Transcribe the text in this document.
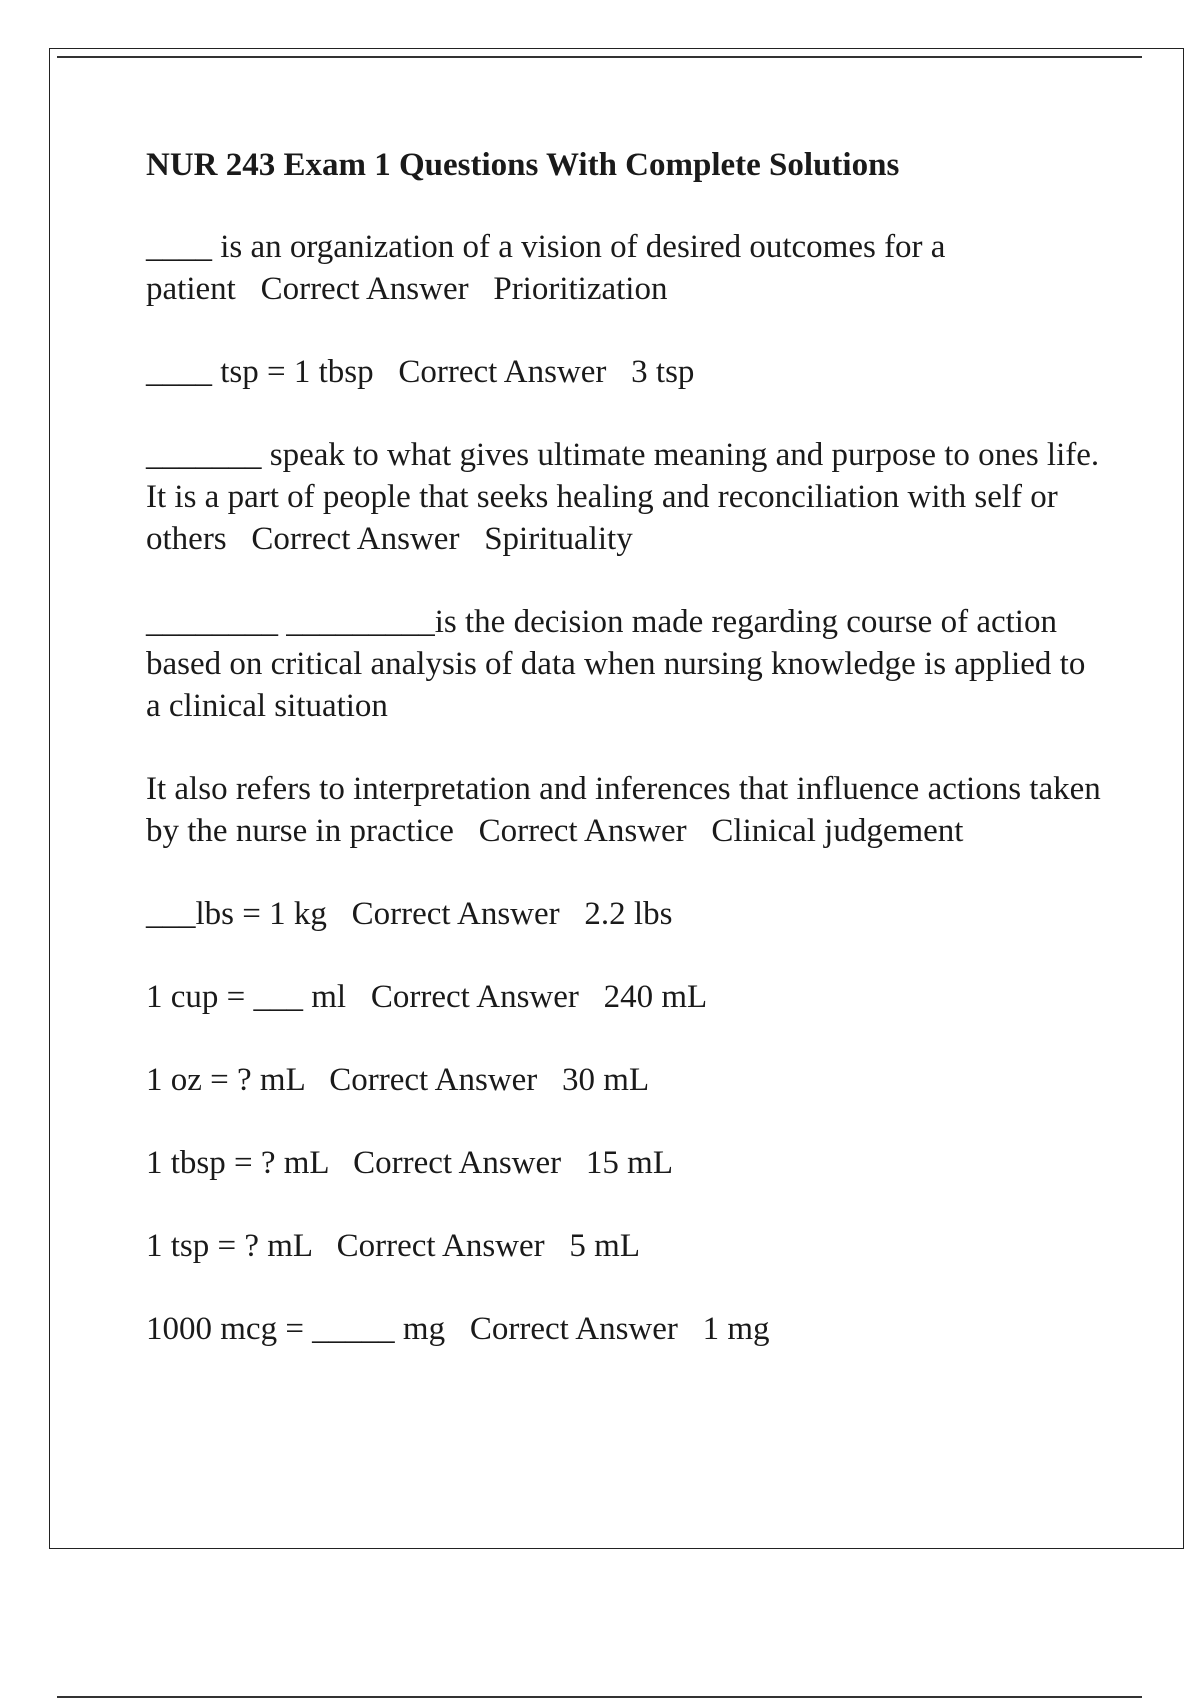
NUR 243 Exam 1 Questions With Complete Solutions
____ is an organization of a vision of desired outcomes for a patient Correct Answer Prioritization
____ tsp = 1 tbsp Correct Answer 3 tsp
_______ speak to what gives ultimate meaning and purpose to ones life. It is a part of people that seeks healing and reconciliation with self or others Correct Answer Spirituality
________ _________is the decision made regarding course of action based on critical analysis of data when nursing knowledge is applied to a clinical situation
It also refers to interpretation and inferences that influence actions taken by the nurse in practice Correct Answer Clinical judgement
___lbs = 1 kg Correct Answer 2.2 lbs
1 cup = ___ ml Correct Answer 240 mL
1 oz = ? mL Correct Answer 30 mL
1 tbsp = ? mL Correct Answer 15 mL
1 tsp = ? mL Correct Answer 5 mL
1000 mcg = _____ mg Correct Answer 1 mg
